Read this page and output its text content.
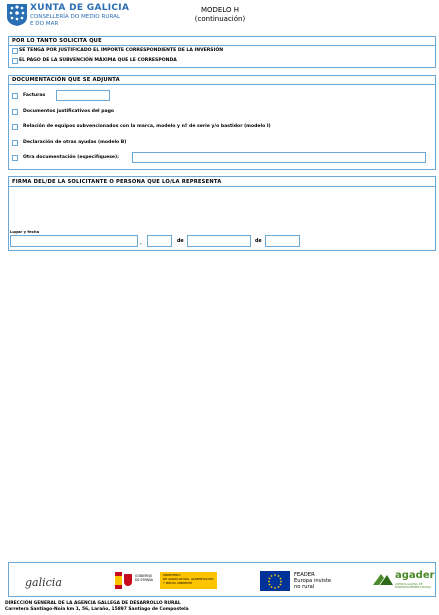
XUNTA DE GALICIA
CONSELLERÍA DO MEDIO RURAL
E DO MAR
MODELO H
(continuación)
POR LO TANTO SOLICITA QUE
SE TENGA POR JUSTIFICADO EL IMPORTE CORRESPONDIENTE DE LA INVERSIÓN
EL PAGO DE LA SUBVENCIÓN MÁXIMA QUE LE CORRESPONDA
DOCUMENTACIÓN QUE SE ADJUNTA
Facturas
Documentos justificativos del pago
Relación de equipos subvencionados con la marca, modelo y nº de serie y/o bastidor (modelo I)
Declaración de otras ayudas (modelo B)
Otra documentación (especifíquese):
FIRMA DEL/DE LA SOLICITANTE O PERSONA QUE LO/LA REPRESENTA
Lugar y fecha
,	de	de
galicia	GOBIERNO
DE ESPAÑA
MINISTERIO
DE AGRICULTURA, ALIMENTACIÓN
Y MEDIO AMBIENTE
FEADER
Europa inviste
no rural
agader
AXENCIA GALEGA DE
DESENVOLVEMENTO RURAL
DIRECCIÓN GENERAL DE LA AGENCIA GALLEGA DE DESARROLLO RURAL
Carretera Santiago-Noia km 1, 56, Laraño, 15897 Santiago de Compostela
